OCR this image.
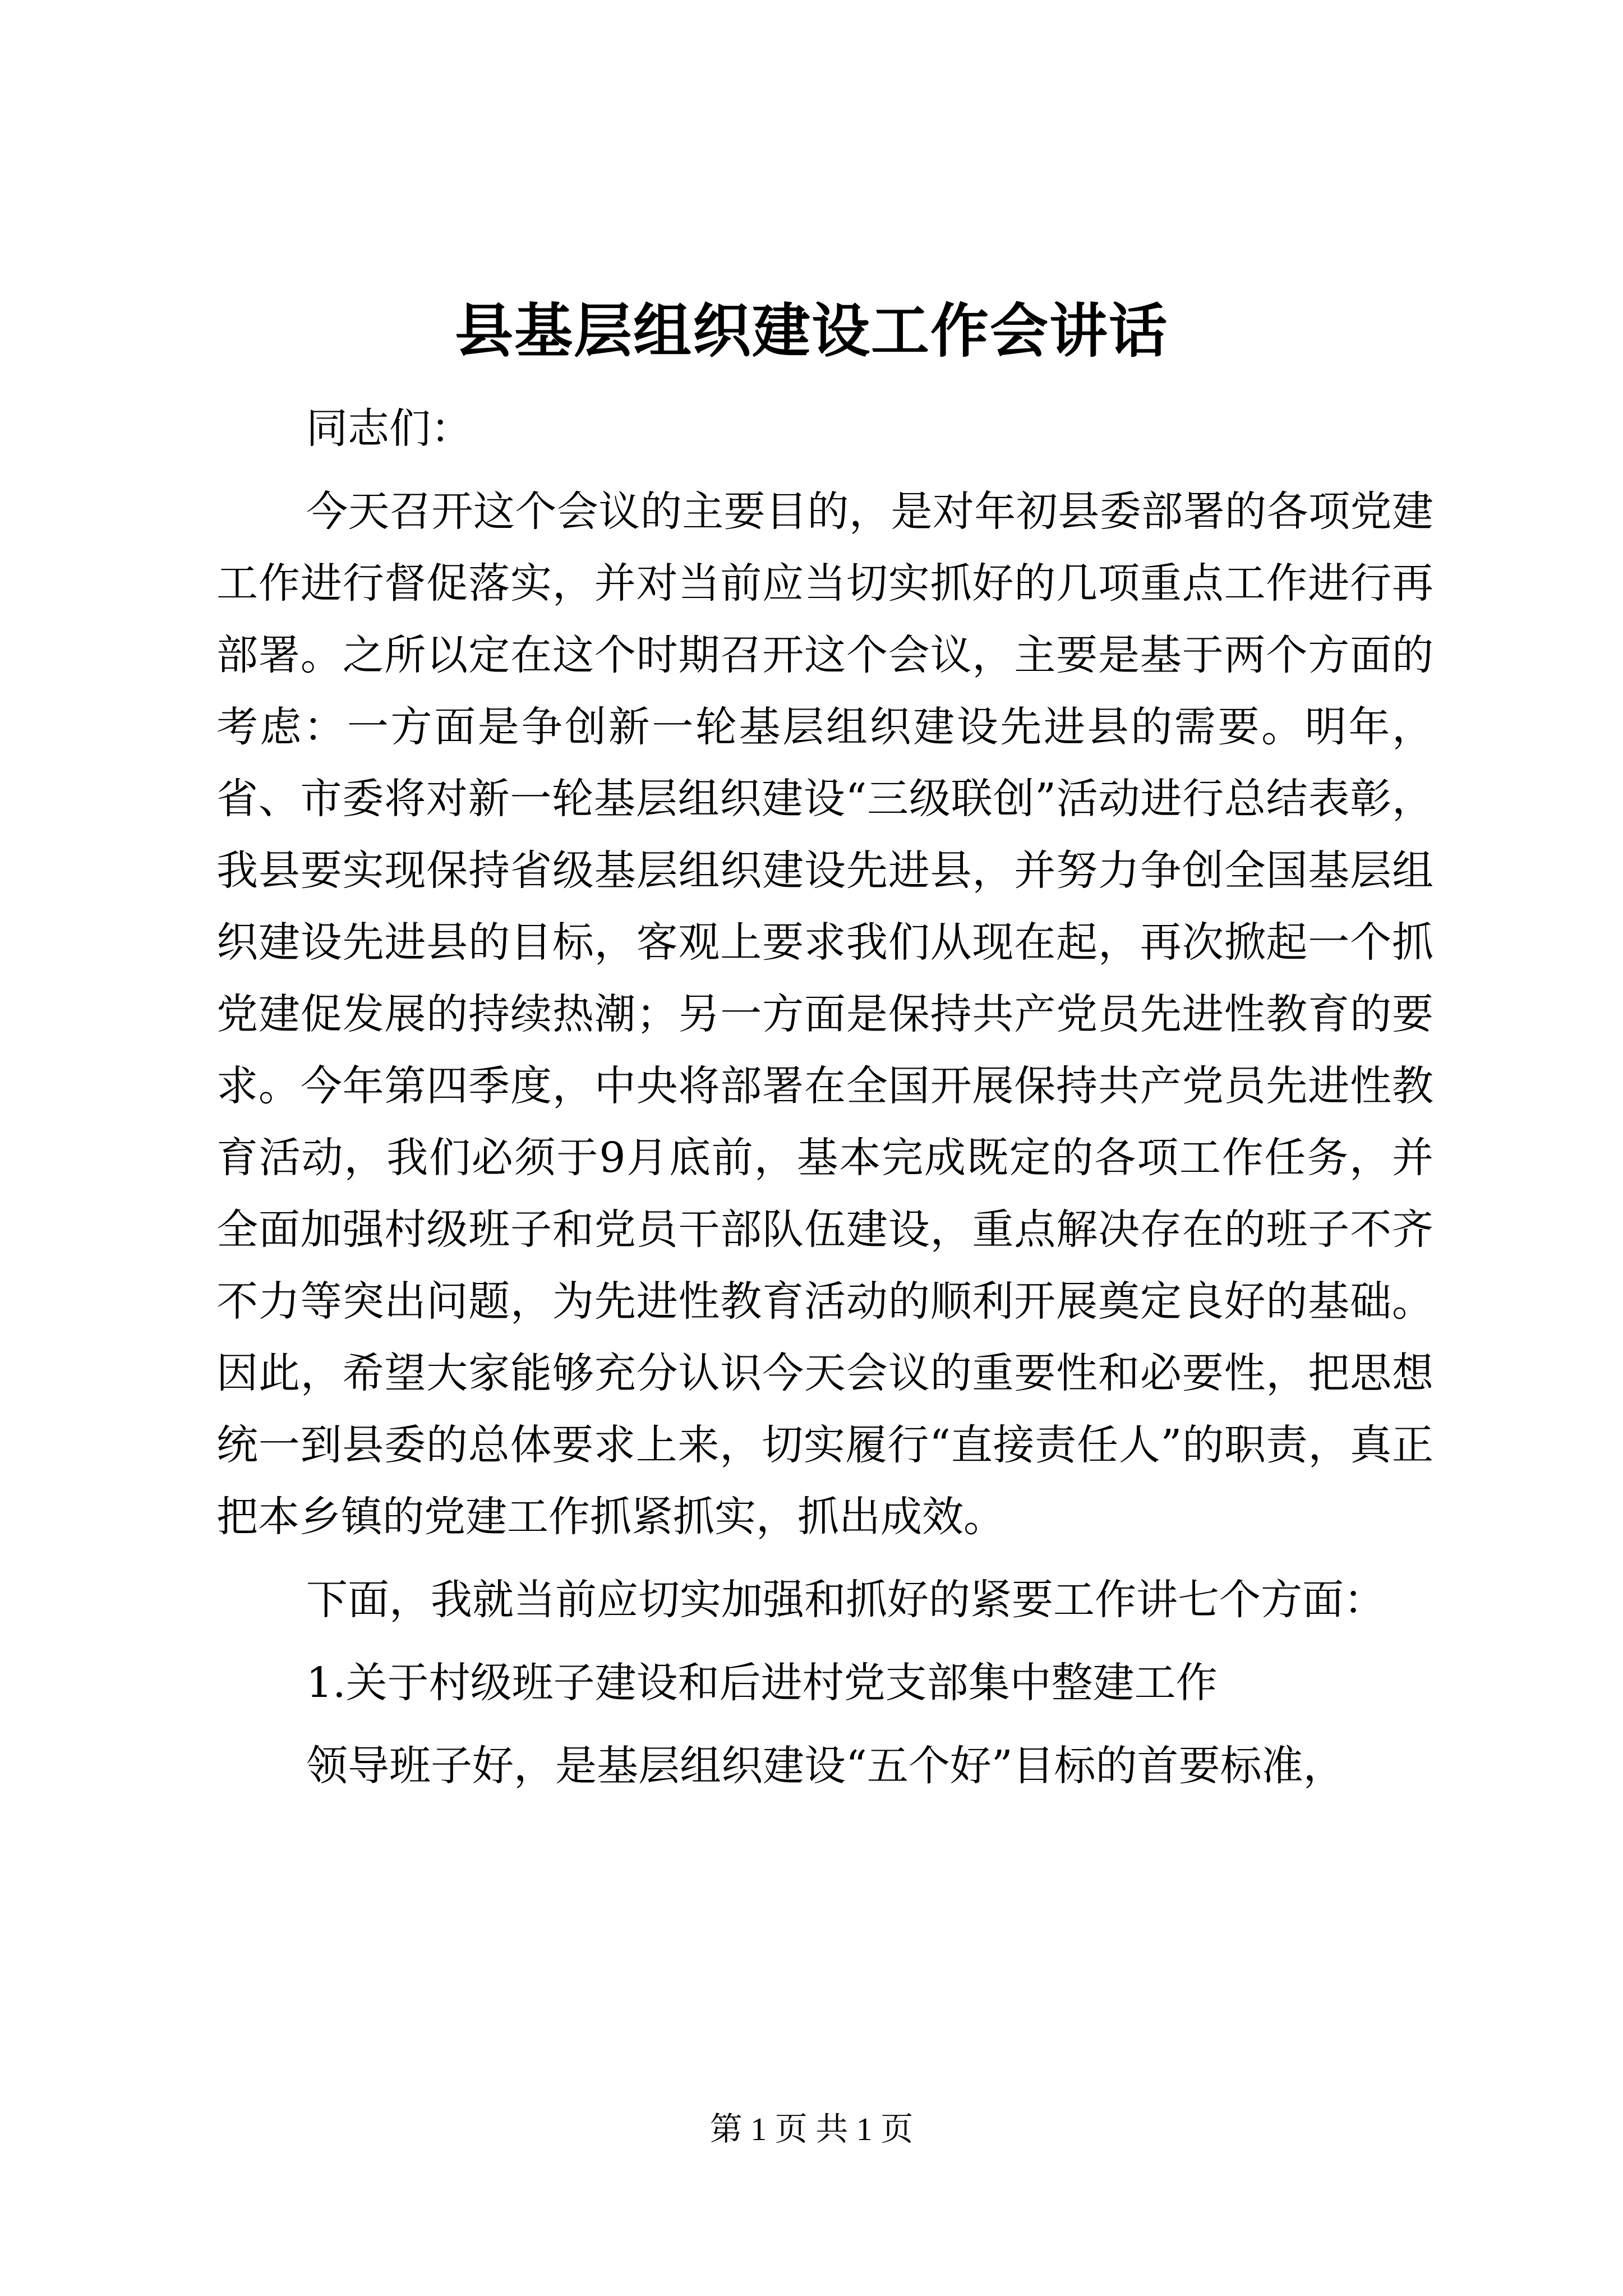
县基层组织建设工作会讲话

同志们：

今天召开这个会议的主要目的，是对年初县委部署的各项党建工作进行督促落实，并对当前应当切实抓好的几项重点工作进行再部署。之所以定在这个时期召开这个会议，主要是基于两个方面的考虑：一方面是争创新一轮基层组织建设先进县的需要。明年，省、市委将对新一轮基层组织建设“三级联创”活动进行总结表彰，我县要实现保持省级基层组织建设先进县，并努力争创全国基层组织建设先进县的目标，客观上要求我们从现在起，再次掀起一个抓党建促发展的持续热潮；另一方面是保持共产党员先进性教育的要求。今年第四季度，中央将部署在全国开展保持共产党员先进性教育活动，我们必须于9月底前，基本完成既定的各项工作任务，并全面加强村级班子和党员干部队伍建设，重点解决存在的班子不齐不力等突出问题，为先进性教育活动的顺利开展奠定良好的基础。因此，希望大家能够充分认识今天会议的重要性和必要性，把思想统一到县委的总体要求上来，切实履行“直接责任人”的职责，真正把本乡镇的党建工作抓紧抓实，抓出成效。

下面，我就当前应切实加强和抓好的紧要工作讲七个方面：

1.关于村级班子建设和后进村党支部集中整建工作

领导班子好，是基层组织建设“五个好”目标的首要标准，

第 1 页 共 1 页
